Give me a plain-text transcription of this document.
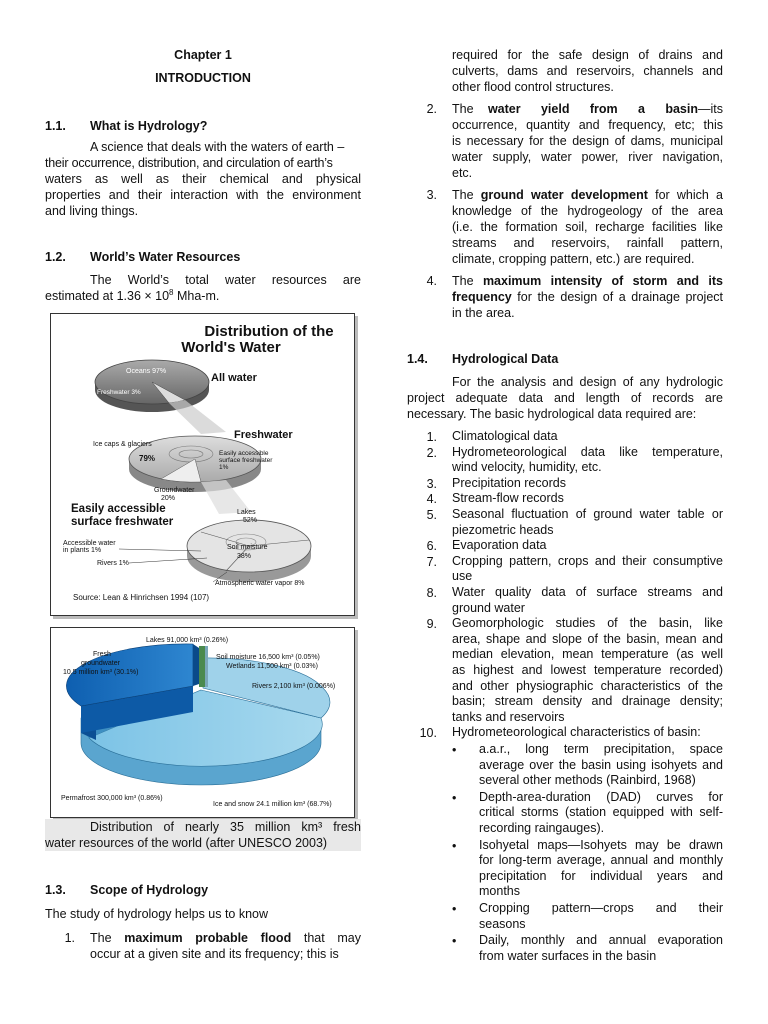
Chapter 1
INTRODUCTION
1.1. What is Hydrology?
A science that deals with the waters of earth –
their occurrence, distribution, and circulation of earth’s
waters as well as their chemical and physical
properties and their interaction with the environment
and living things.
1.2. World’s Water Resources
The World’s total water resources are
estimated at $1.36 \times 10^8$ Mha-m.
Distribution of the
World's Water
Oceans 97%
Freshwater 3%
All water
Freshwater
Ice caps & glaciers
79%
Easily accessible
surface freshwater
1%
Groundwater
20%
Easily accessible
surface freshwater
Lakes
52%
Accessible water
in plants 1%
Rivers 1%
Soil moisture
38%
Atmospheric water vapor 8%
Source: Lean & Hinrichsen 1994 (107)
Lakes 91,000 km³ (0.26%)
Fresh
groundwater
10.5 million km³ (30.1%)
Soil moisture 16,500 km³ (0.05%)
Wetlands 11,500 km³ (0.03%)
Rivers 2,100 km³ (0.006%)
Permafrost 300,000 km³ (0.86%)
Ice and snow 24.1 million km³ (68.7%)
Distribution of nearly 35 million km³ fresh
water resources of the world (after UNESCO 2003)
1.3. Scope of Hydrology
The study of hydrology helps us to know
1. The maximum probable flood that may
occur at a given site and its frequency; this is
required for the safe design of drains and
culverts, dams and reservoirs, channels and
other flood control structures.
2. The water yield from a basin—its
occurrence, quantity and frequency, etc; this
is necessary for the design of dams, municipal
water supply, water power, river navigation,
etc.
3. The ground water development for which a
knowledge of the hydrogeology of the area
(i.e. the formation soil, recharge facilities like
streams and reservoirs, rainfall pattern,
climate, cropping pattern, etc.) are required.
4. The maximum intensity of storm and its
frequency for the design of a drainage project
in the area.
1.4. Hydrological Data
For the analysis and design of any hydrologic
project adequate data and length of records are
necessary. The basic hydrological data required are:
1. Climatological data
2. Hydrometeorological data like temperature,
wind velocity, humidity, etc.
3. Precipitation records
4. Stream-flow records
5. Seasonal fluctuation of ground water table or
piezometric heads
6. Evaporation data
7. Cropping pattern, crops and their consumptive
use
8. Water quality data of surface streams and
ground water
9. Geomorphologic studies of the basin, like
area, shape and slope of the basin, mean and
median elevation, mean temperature (as well
as highest and lowest temperature recorded)
and other physiographic characteristics of the
basin; stream density and drainage density;
tanks and reservoirs
10. Hydrometeorological characteristics of basin:
• a.a.r., long term precipitation, space
average over the basin using isohyets and
several other methods (Rainbird, 1968)
• Depth-area-duration (DAD) curves for
critical storms (station equipped with self-
recording raingauges).
• Isohyetal maps—Isohyets may be drawn
for long-term average, annual and monthly
precipitation for individual years and
months
• Cropping pattern—crops and their
seasons
• Daily, monthly and annual evaporation
from water surfaces in the basin
